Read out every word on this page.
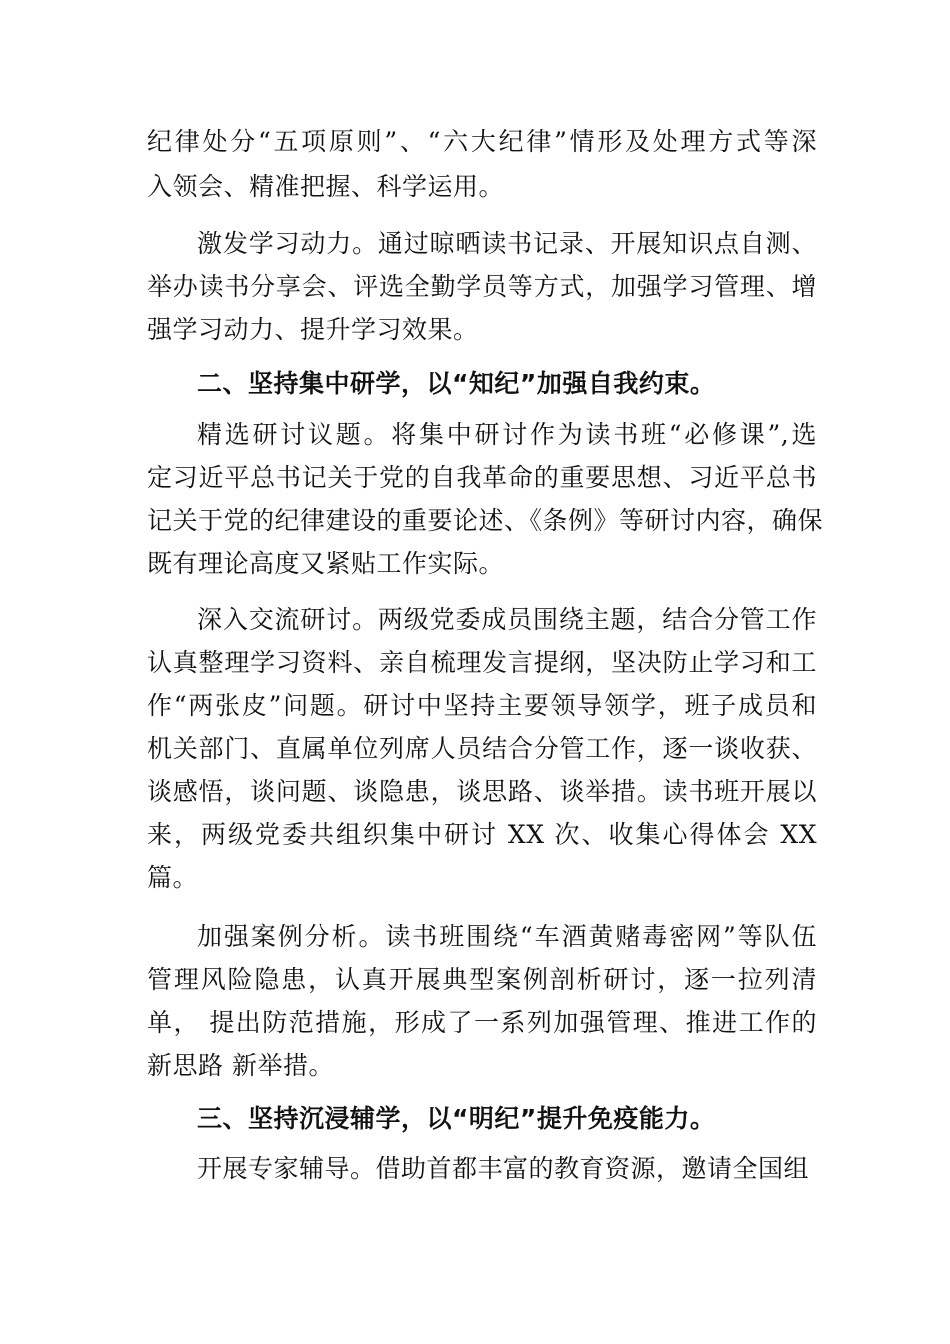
纪律处分“五项原则”、“六大纪律”情形及处理方式等深
入领会、精准把握、科学运用。
激发学习动力。通过晾晒读书记录、开展知识点自测、
举办读书分享会、评选全勤学员等方式，加强学习管理、增
强学习动力、提升学习效果。
二、坚持集中研学，以“知纪”加强自我约束。
精选研讨议题。将集中研讨作为读书班“必修课”,选
定习近平总书记关于党的自我革命的重要思想、习近平总书
记关于党的纪律建设的重要论述、《条例》等研讨内容，确保
既有理论高度又紧贴工作实际。
深入交流研讨。两级党委成员围绕主题，结合分管工作
认真整理学习资料、亲自梳理发言提纲，坚决防止学习和工
作“两张皮”问题。研讨中坚持主要领导领学，班子成员和
机关部门、直属单位列席人员结合分管工作，逐一谈收获、
谈感悟，谈问题、谈隐患，谈思路、谈举措。读书班开展以
来，两级党委共组织集中研讨 XX 次、收集心得体会 XX
篇。
加强案例分析。读书班围绕“车酒黄赌毒密网”等队伍
管理风险隐患，认真开展典型案例剖析研讨，逐一拉列清
单， 提出防范措施，形成了一系列加强管理、推进工作的
新思路 新举措。
三、坚持沉浸辅学，以“明纪”提升免疫能力。
开展专家辅导。借助首都丰富的教育资源，邀请全国组
